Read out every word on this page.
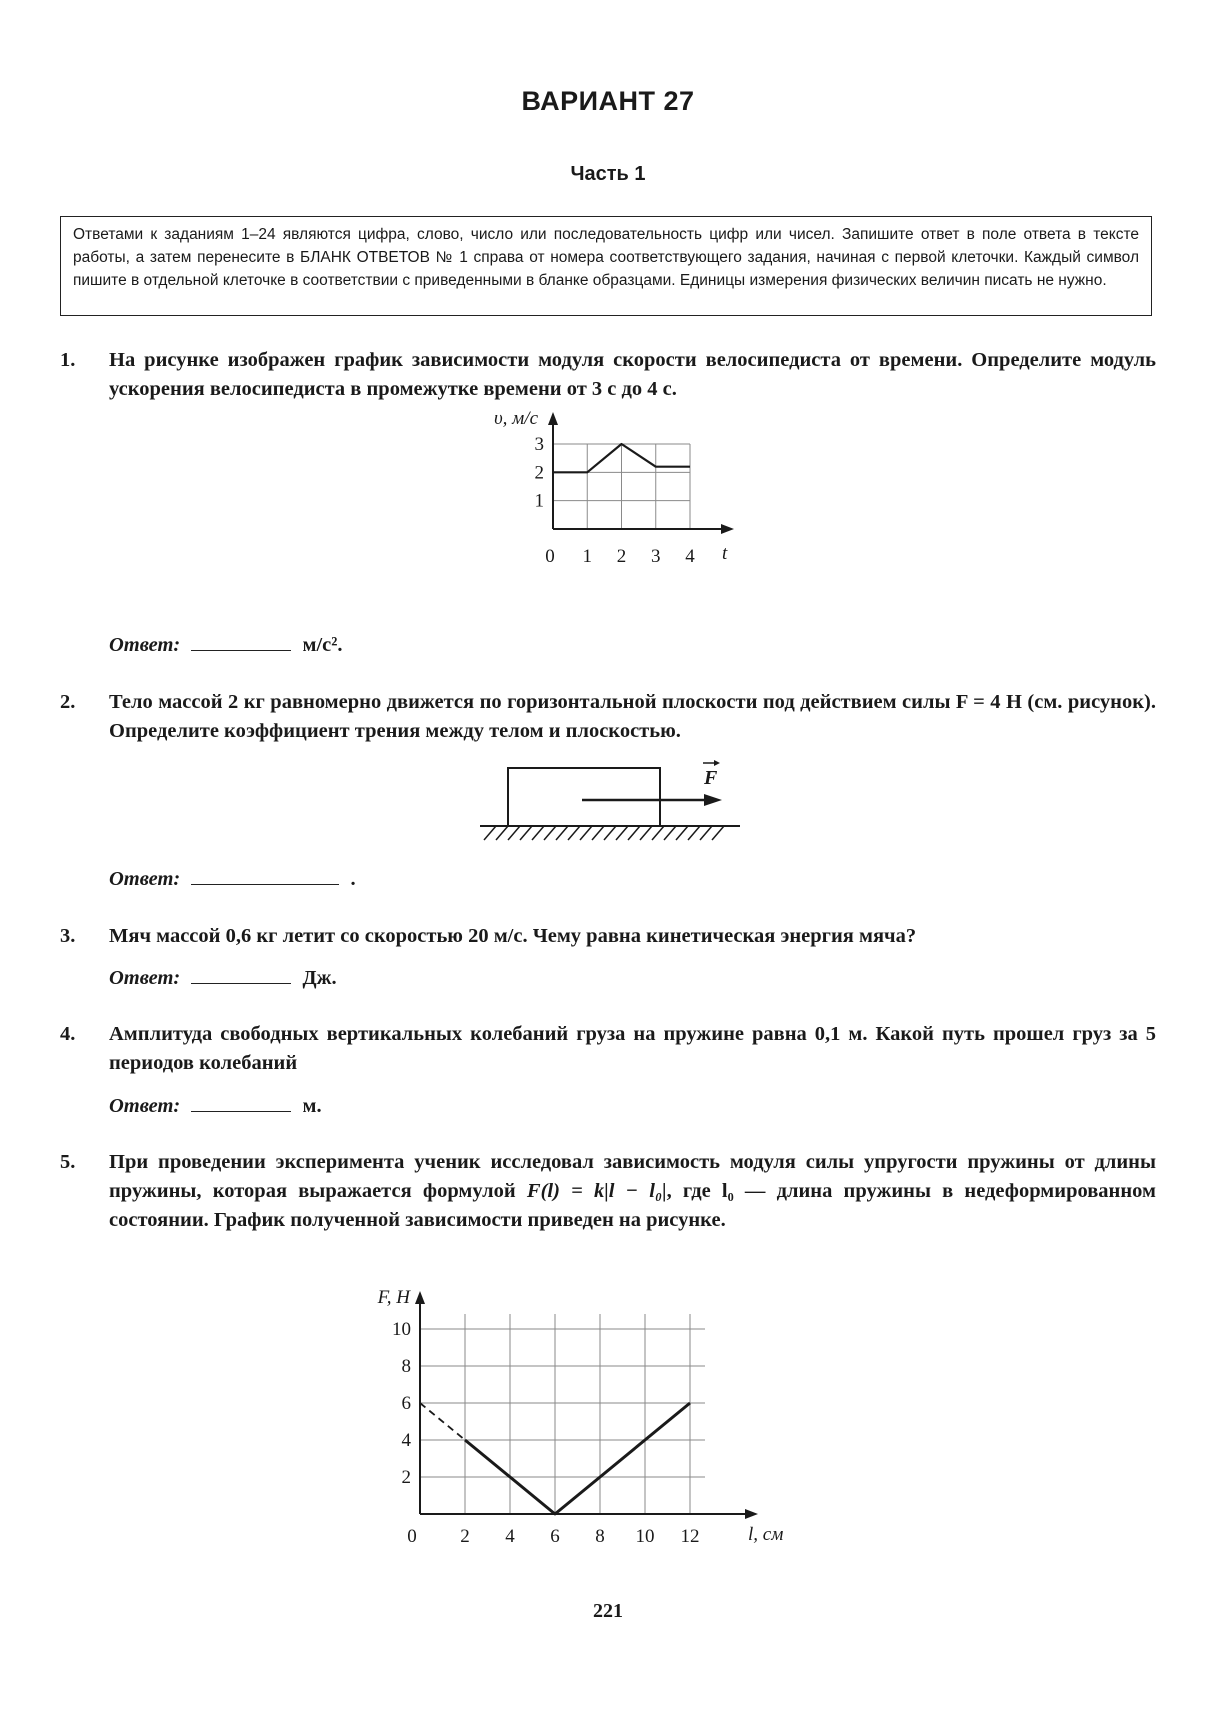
ВАРИАНТ 27
Часть 1
Ответами к заданиям 1–24 являются цифра, слово, число или последовательность цифр или чисел. Запишите ответ в поле ответа в тексте работы, а затем перенесите в БЛАНК ОТВЕТОВ № 1 справа от номера соответствующего задания, начиная с первой клеточки. Каждый символ пишите в отдельной клеточке в соответствии с приведенными в бланке образцами. Единицы измерения физических величин писать не нужно.
1. На рисунке изображен график зависимости модуля скорости велосипедиста от времени. Определите модуль ускорения велосипедиста в промежутке времени от 3 с до 4 с.
0 1 2 3 4
1
2
3
υ, м/с
t
Ответ:	м/с².
2. Тело массой 2 кг равномерно движется по горизонтальной плоскости под действием силы F = 4 Н (см. рисунок). Определите коэффициент трения между телом и плоскостью.
F
Ответ:	.
3. Мяч массой 0,6 кг летит со скоростью 20 м/с. Чему равна кинетическая энергия мяча?
Ответ:	Дж.
4. Амплитуда свободных вертикальных колебаний груза на пружине равна 0,1 м. Какой путь прошел груз за 5 периодов колебаний
Ответ:	м.
5. При проведении эксперимента ученик исследовал зависимость модуля силы упругости пружины от длины пружины, которая выражается формулой F(l) = k|l − l₀|, где l₀ — длина пружины в недеформированном состоянии. График полученной зависимости приведен на рисунке.
0 2 4 6 8 10 12
2
4
6
8
10
F, Н
l, см
221
